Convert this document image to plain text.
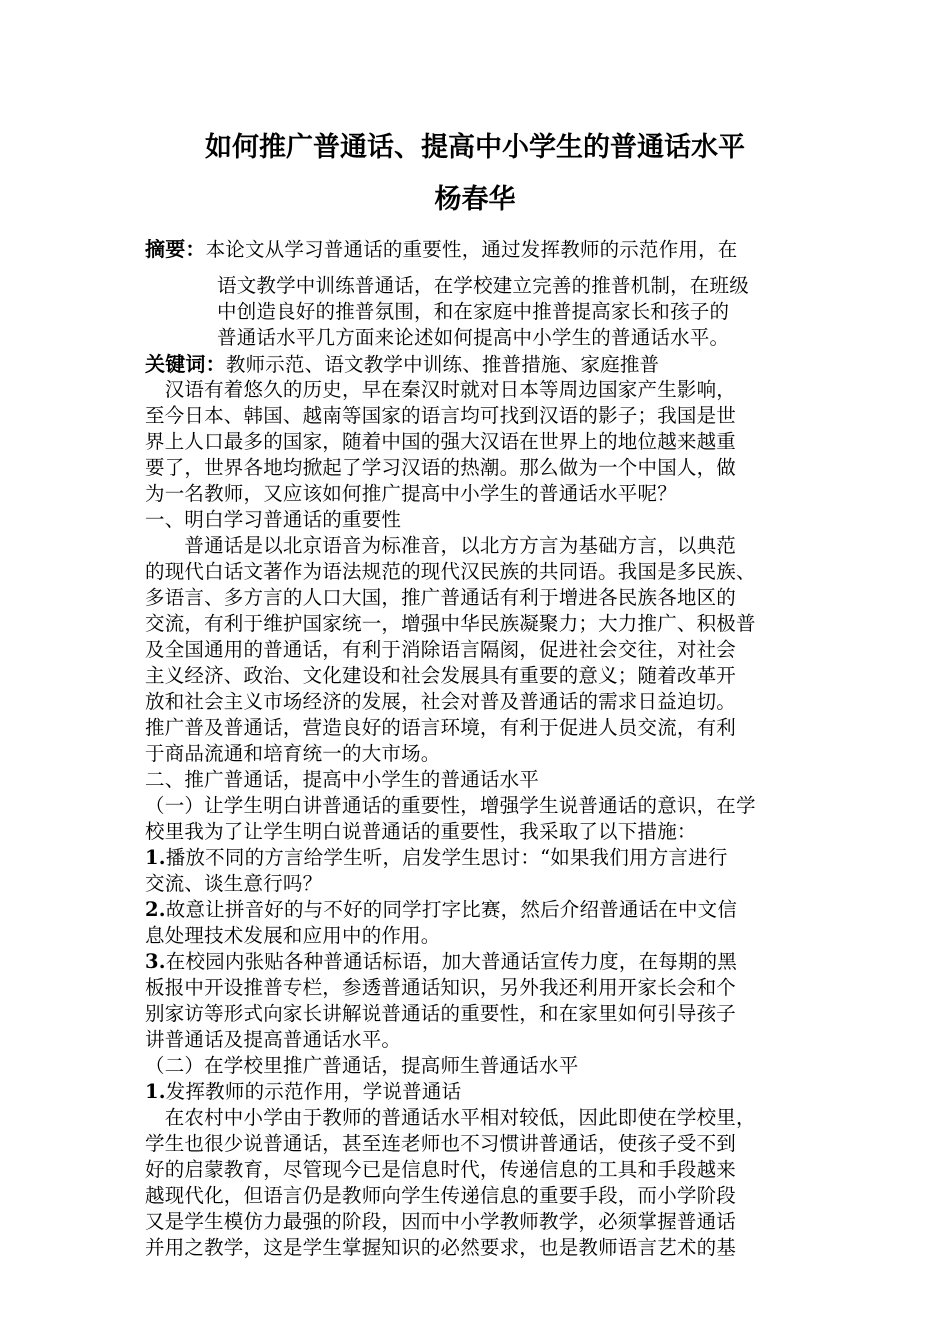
如何推广普通话、提高中小学生的普通话水平
杨春华
摘要：本论文从学习普通话的重要性，通过发挥教师的示范作用，在
语文教学中训练普通话，在学校建立完善的推普机制，在班级
中创造良好的推普氛围，和在家庭中推普提高家长和孩子的
普通话水平几方面来论述如何提高中小学生的普通话水平。
关键词：教师示范、语文教学中训练、推普措施、家庭推普
　汉语有着悠久的历史，早在秦汉时就对日本等周边国家产生影响，
至今日本、韩国、越南等国家的语言均可找到汉语的影子；我国是世
界上人口最多的国家，随着中国的强大汉语在世界上的地位越来越重
要了，世界各地均掀起了学习汉语的热潮。那么做为一个中国人，做
为一名教师，又应该如何推广提高中小学生的普通话水平呢？
一、明白学习普通话的重要性
　　普通话是以北京语音为标准音，以北方方言为基础方言，以典范
的现代白话文著作为语法规范的现代汉民族的共同语。我国是多民族、
多语言、多方言的人口大国，推广普通话有利于增进各民族各地区的
交流，有利于维护国家统一，增强中华民族凝聚力；大力推广、积极普
及全国通用的普通话，有利于消除语言隔阂，促进社会交往，对社会
主义经济、政治、文化建设和社会发展具有重要的意义；随着改革开
放和社会主义市场经济的发展，社会对普及普通话的需求日益迫切。
推广普及普通话，营造良好的语言环境，有利于促进人员交流，有利
于商品流通和培育统一的大市场。
二、推广普通话，提高中小学生的普通话水平
（一）让学生明白讲普通话的重要性，增强学生说普通话的意识，在学
校里我为了让学生明白说普通话的重要性，我采取了以下措施：
1.播放不同的方言给学生听，启发学生思讨：“如果我们用方言进行
交流、谈生意行吗？
2.故意让拼音好的与不好的同学打字比赛，然后介绍普通话在中文信
息处理技术发展和应用中的作用。
3.在校园内张贴各种普通话标语，加大普通话宣传力度，在每期的黑
板报中开设推普专栏，参透普通话知识，另外我还利用开家长会和个
别家访等形式向家长讲解说普通话的重要性，和在家里如何引导孩子
讲普通话及提高普通话水平。
（二）在学校里推广普通话，提高师生普通话水平
1.发挥教师的示范作用，学说普通话
　在农村中小学由于教师的普通话水平相对较低，因此即使在学校里，
学生也很少说普通话，甚至连老师也不习惯讲普通话，使孩子受不到
好的启蒙教育，尽管现今已是信息时代，传递信息的工具和手段越来
越现代化，但语言仍是教师向学生传递信息的重要手段，而小学阶段
又是学生模仿力最强的阶段，因而中小学教师教学，必须掌握普通话
并用之教学，这是学生掌握知识的必然要求，也是教师语言艺术的基
